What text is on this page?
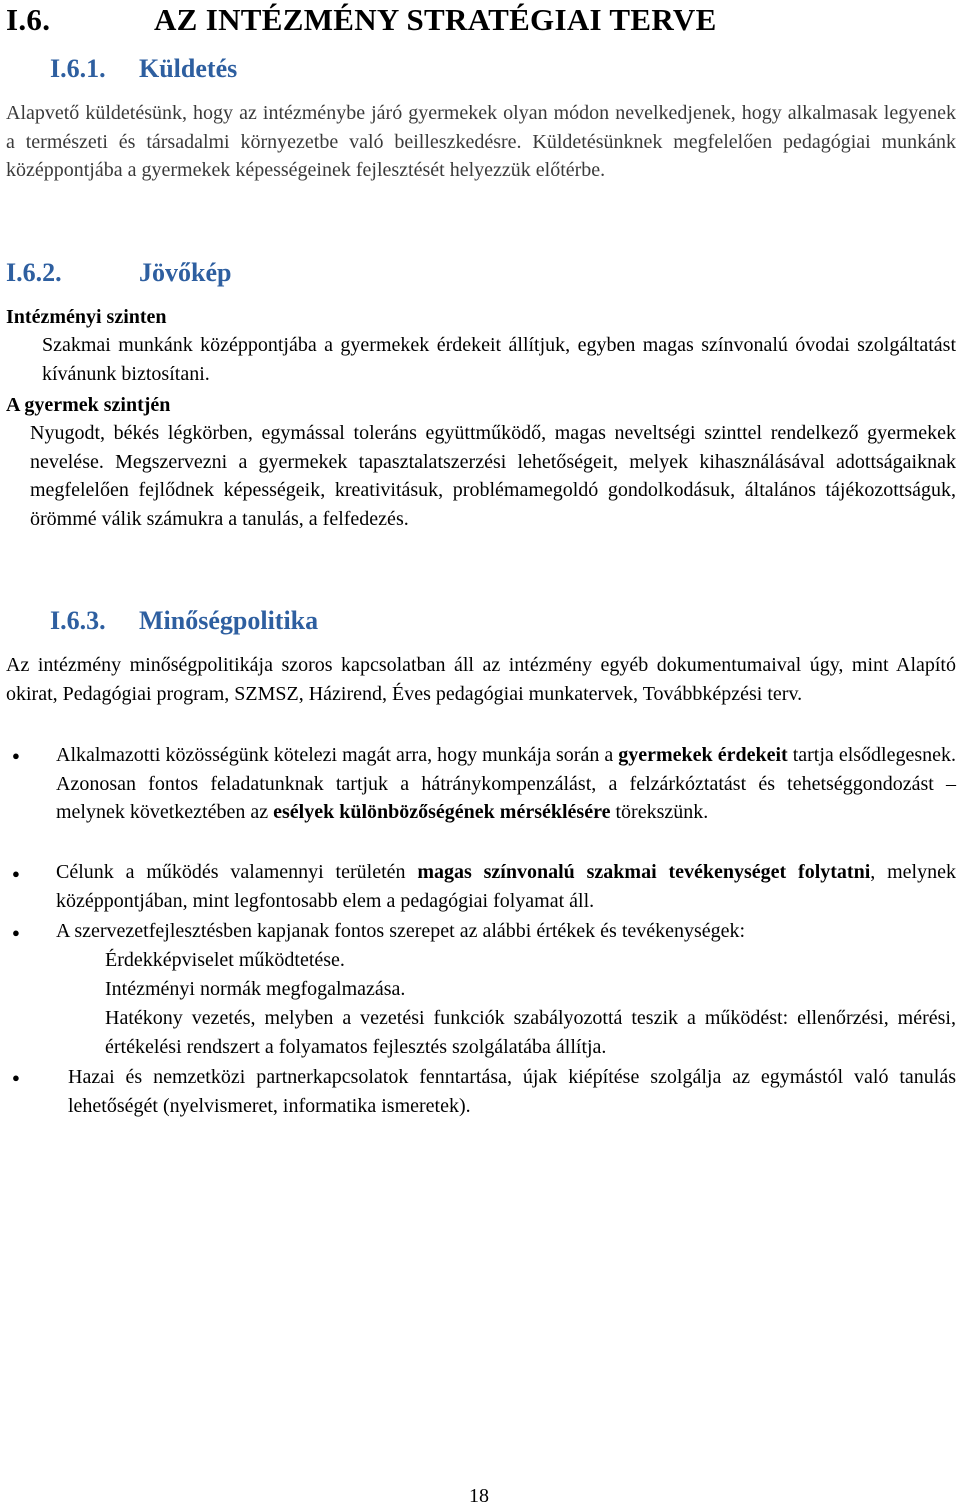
I.6.	AZ INTÉZMÉNY STRATÉGIAI TERVE
I.6.1. Küldetés
Alapvető küldetésünk, hogy az intézménybe járó gyermekek olyan módon nevelkedjenek, hogy alkalmasak legyenek a természeti és társadalmi környezetbe való beilleszkedésre. Küldetésünknek megfelelően pedagógiai munkánk középpontjába a gyermekek képességeinek fejlesztését helyezzük előtérbe.
I.6.2.	Jövőkép
Intézményi szinten
Szakmai munkánk középpontjába a gyermekek érdekeit állítjuk, egyben magas színvonalú óvodai szolgáltatást kívánunk biztosítani.
A gyermek szintjén
Nyugodt, békés légkörben, egymással toleráns együttműködő, magas neveltségi szinttel rendelkező gyermekek nevelése. Megszervezni a gyermekek tapasztalatszerzési lehetőségeit, melyek kihasználásával adottságaiknak megfelelően fejlődnek képességeik, kreativitásuk, problémamegoldó gondolkodásuk, általános tájékozottságuk, örömmé válik számukra a tanulás, a felfedezés.
I.6.3. Minőségpolitika
Az intézmény minőségpolitikája szoros kapcsolatban áll az intézmény egyéb dokumentumaival úgy, mint Alapító okirat, Pedagógiai program, SZMSZ, Házirend, Éves pedagógiai munkatervek, Továbbképzési terv.
● Alkalmazotti közösségünk kötelezi magát arra, hogy munkája során a gyermekek érdekeit tartja elsődlegesnek. Azonosan fontos feladatunknak tartjuk a hátránykompenzálást, a felzárkóztatást és tehetséggondozást – melynek következtében az esélyek különbözőségének mérséklésére törekszünk.
● Célunk a működés valamennyi területén magas színvonalú szakmai tevékenységet folytatni, melynek középpontjában, mint legfontosabb elem a pedagógiai folyamat áll.
● A szervezetfejlesztésben kapjanak fontos szerepet az alábbi értékek és tevékenységek:
Érdekképviselet működtetése.
Intézményi normák megfogalmazása.
Hatékony vezetés, melyben a vezetési funkciók szabályozottá teszik a működést: ellenőrzési, mérési, értékelési rendszert a folyamatos fejlesztés szolgálatába állítja.
● Hazai és nemzetközi partnerkapcsolatok fenntartása, újak kiépítése szolgálja az egymástól való tanulás lehetőségét (nyelvismeret, informatika ismeretek).
18
